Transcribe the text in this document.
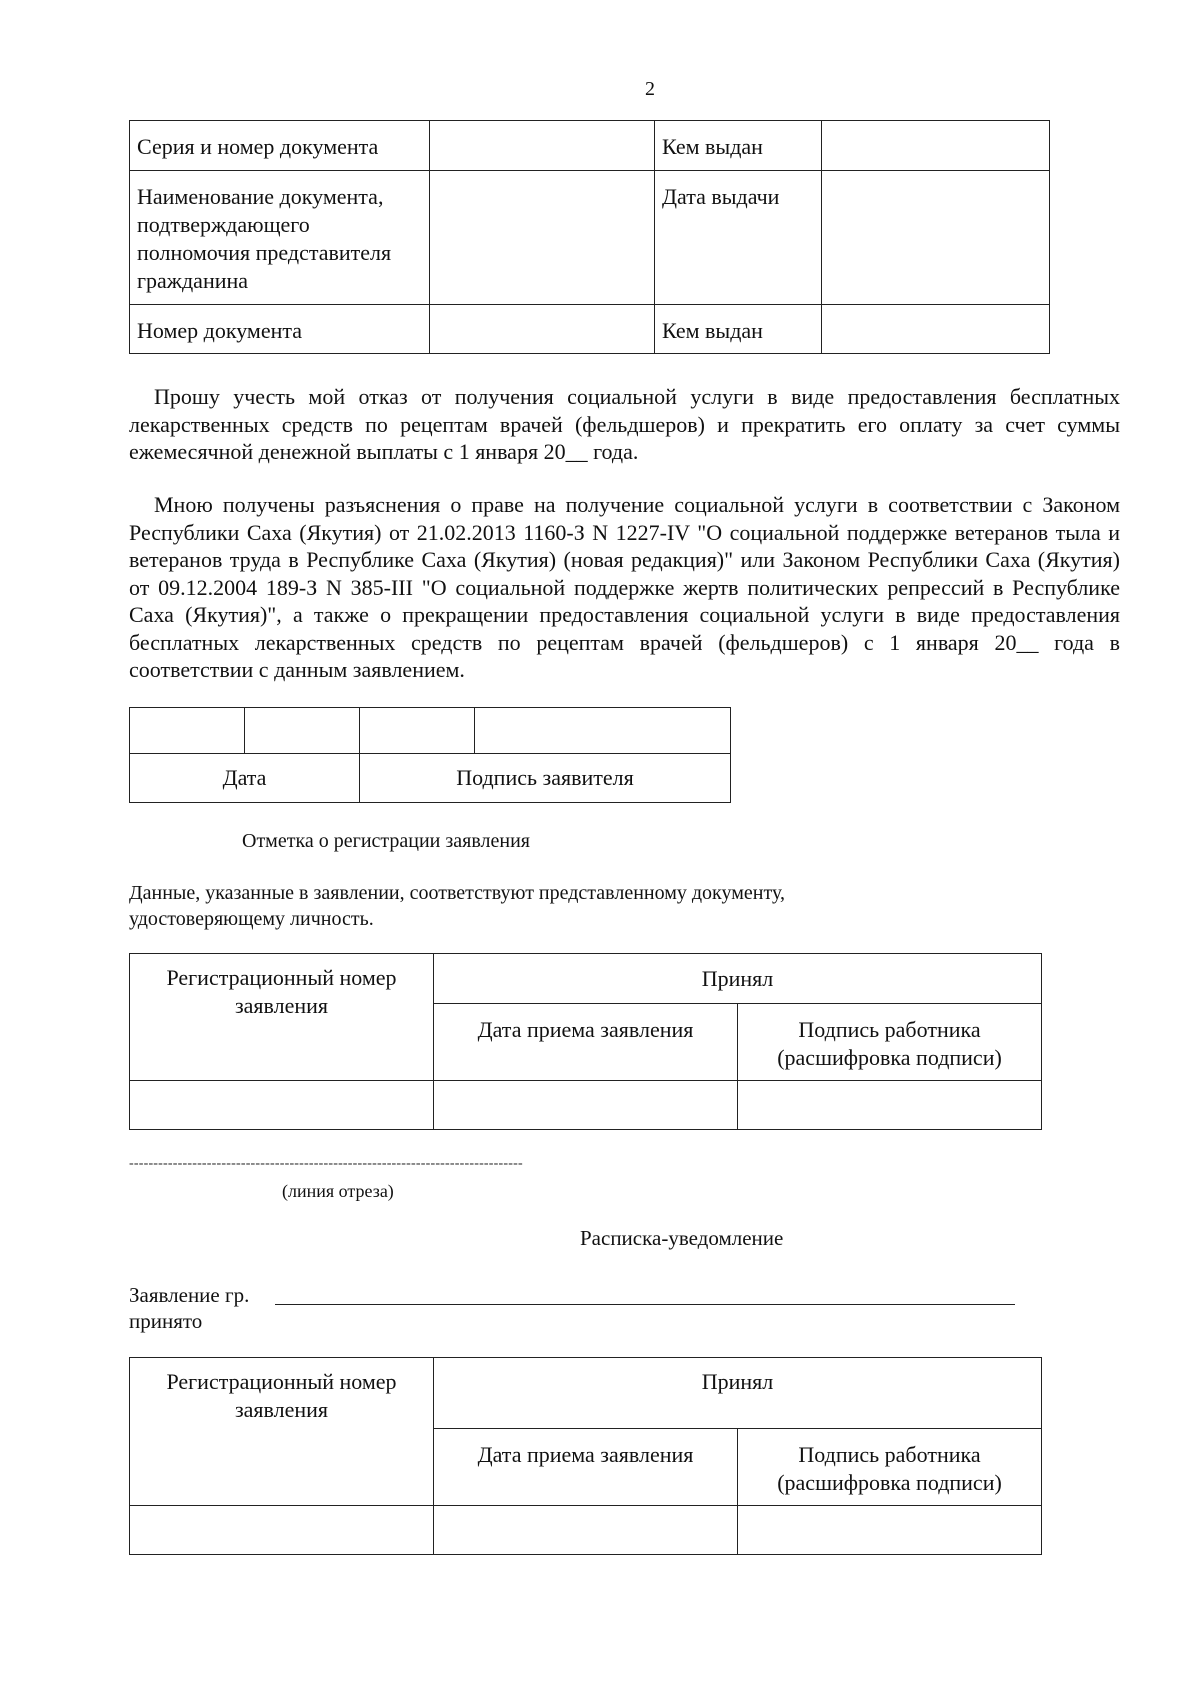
2
Серия и номер документа		Кем выдан	
Наименование документа, подтверждающего полномочия представителя гражданина		Дата выдачи	
Номер документа		Кем выдан	
Прошу учесть мой отказ от получения социальной услуги в виде предоставления бесплатных лекарственных средств по рецептам врачей (фельдшеров) и прекратить его оплату за счет суммы ежемесячной денежной выплаты с 1 января 20__ года.
Мною получены разъяснения о праве на получение социальной услуги в соответствии с Законом Республики Саха (Якутия) от 21.02.2013 1160-З N 1227-IV "О социальной поддержке ветеранов тыла и ветеранов труда в Республике Саха (Якутия) (новая редакция)" или Законом Республики Саха (Якутия) от 09.12.2004 189-З N 385-III "О социальной поддержке жертв политических репрессий в Республике Саха (Якутия)", а также о прекращении предоставления социальной услуги в виде предоставления бесплатных лекарственных средств по рецептам врачей (фельдшеров) с 1 января 20__ года в соответствии с данным заявлением.

Дата		Подпись заявителя	
Отметка о регистрации заявления
Данные, указанные в заявлении, соответствуют представленному документу, удостоверяющему личность.
Регистрационный номер заявления	Принял	
	Дата приема заявления	Подпись работника (расшифровка подписи)

---------------------------------------------------------------------------------
(линия отреза)
Расписка-уведомление
Заявление гр.
принято
Регистрационный номер заявления	Принял	
	Дата приема заявления	Подпись работника (расшифровка подписи)
